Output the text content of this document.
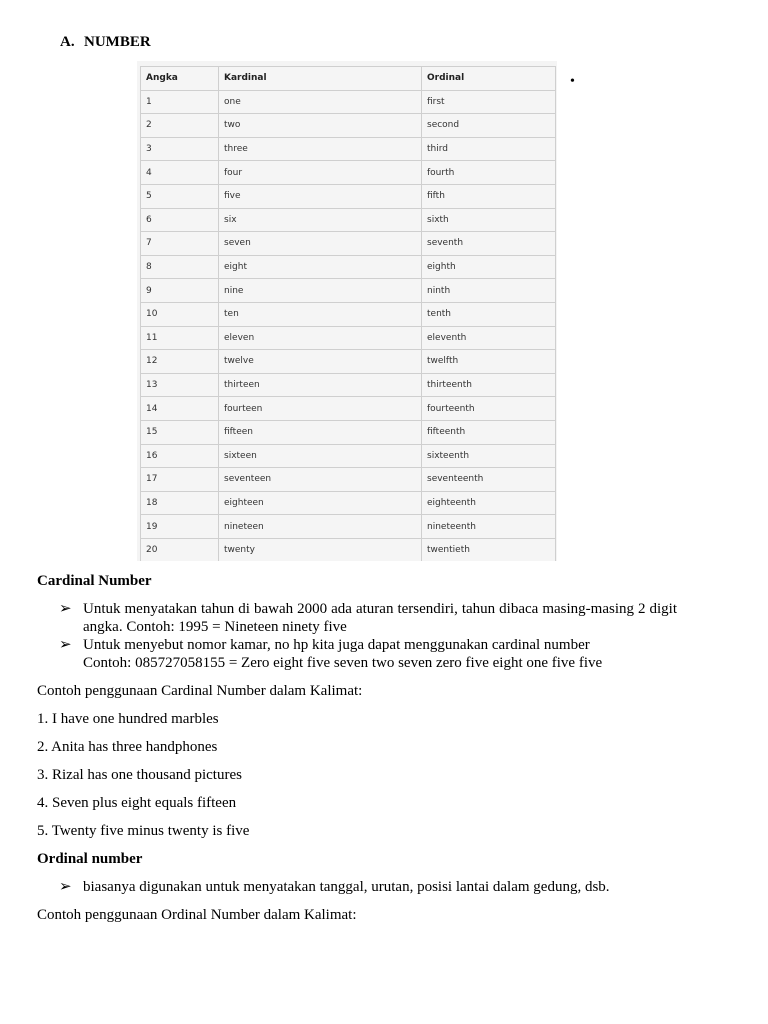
A. NUMBER
•
Angka	Kardinal	Ordinal
1	one	first
2	two	second
3	three	third
4	four	fourth
5	five	fifth
6	six	sixth
7	seven	seventh
8	eight	eighth
9	nine	ninth
10	ten	tenth
11	eleven	eleventh
12	twelve	twelfth
13	thirteen	thirteenth
14	fourteen	fourteenth
15	fifteen	fifteenth
16	sixteen	sixteenth
17	seventeen	seventeenth
18	eighteen	eighteenth
19	nineteen	nineteenth
20	twenty	twentieth
Cardinal Number
➢ Untuk menyatakan tahun di bawah 2000 ada aturan tersendiri, tahun dibaca masing-masing 2 digit angka. Contoh: 1995 = Nineteen ninety five
➢ Untuk menyebut nomor kamar, no hp kita juga dapat menggunakan cardinal number
Contoh: 085727058155 = Zero eight five seven two seven zero five eight one five five

Contoh penggunaan Cardinal Number dalam Kalimat:

1. I have one hundred marbles

2. Anita has three handphones

3. Rizal has one thousand pictures

4. Seven plus eight equals fifteen

5. Twenty five minus twenty is five

Ordinal number
➢ biasanya digunakan untuk menyatakan tanggal, urutan, posisi lantai dalam gedung, dsb.

Contoh penggunaan Ordinal Number dalam Kalimat:
